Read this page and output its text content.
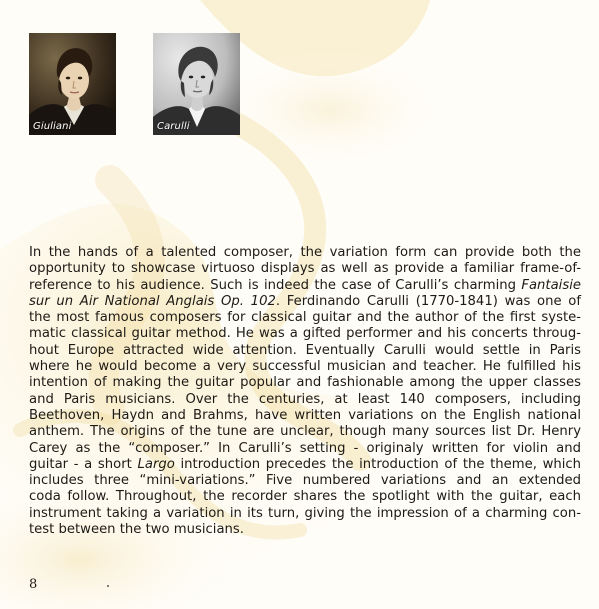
Giuliani	Carulli
In the hands of a talented composer, the variation form can provide both the
opportunity to showcase virtuoso displays as well as provide a familiar frame-of-
reference to his audience. Such is indeed the case of Carulli’s charming Fantaisie
sur un Air National Anglais Op. 102. Ferdinando Carulli (1770-1841) was one of
the most famous composers for classical guitar and the author of the first syste-
matic classical guitar method. He was a gifted performer and his concerts throug-
hout Europe attracted wide attention. Eventually Carulli would settle in Paris
where he would become a very successful musician and teacher. He fulfilled his
intention of making the guitar popular and fashionable among the upper classes
and Paris musicians. Over the centuries, at least 140 composers, including
Beethoven, Haydn and Brahms, have written variations on the English national
anthem. The origins of the tune are unclear, though many sources list Dr. Henry
Carey as the “composer.” In Carulli’s setting - originaly written for violin and
guitar - a short Largo introduction precedes the introduction of the theme, which
includes three “mini-variations.” Five numbered variations and an extended
coda follow. Throughout, the recorder shares the spotlight with the guitar, each
instrument taking a variation in its turn, giving the impression of a charming con-
test between the two musicians.
8
